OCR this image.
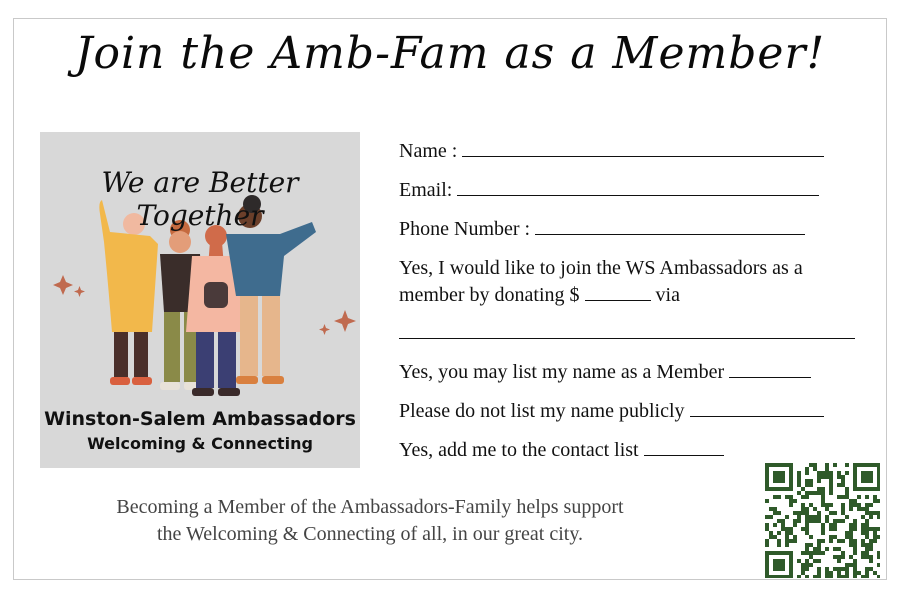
Join the Amb-Fam as a Member!
We are Better Together
Winston-Salem Ambassadors
Welcoming & Connecting
Name :
Email:
Phone Number :
Yes, I would like to join the WS Ambassadors as a
member by donating $	via
Yes, you may list my name as a Member
Please do not list my name publicly
Yes, add me to the contact list
Becoming a Member of the Ambassadors-Family helps support
the Welcoming & Connecting of all, in our great city.
